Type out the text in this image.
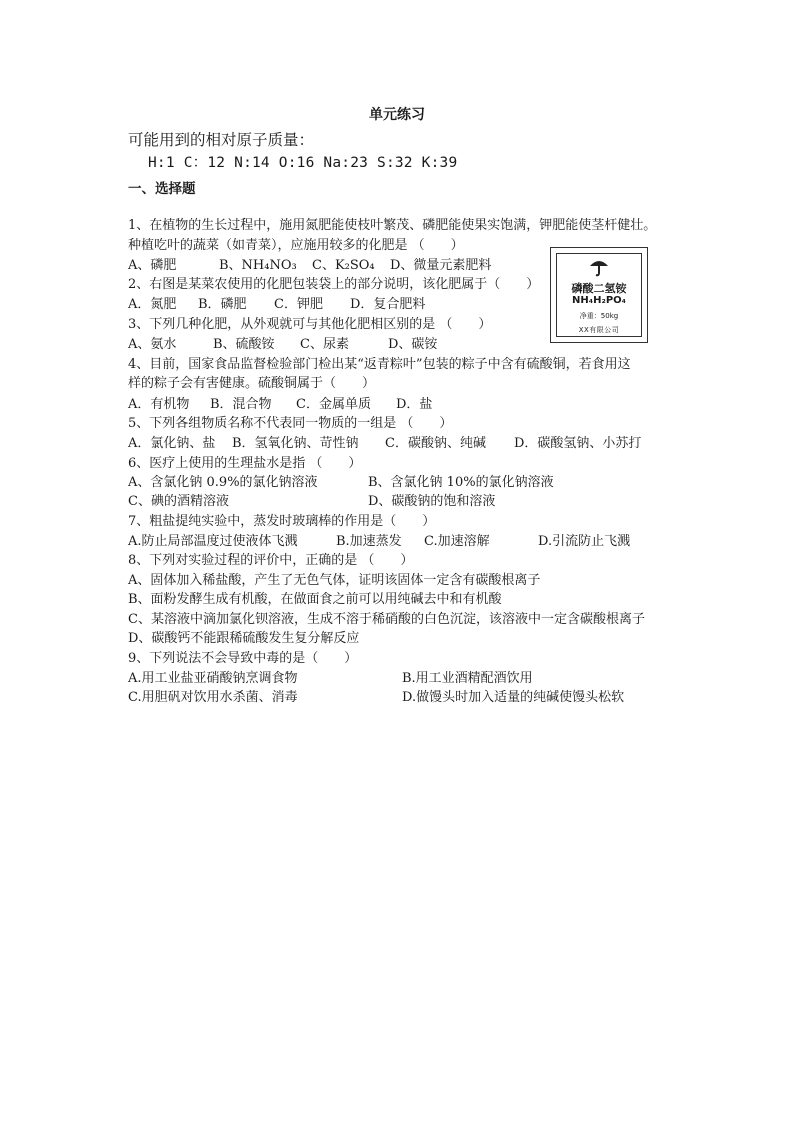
单元练习
可能用到的相对原子质量：
H:1 C：12 N:14 O:16 Na:23 S:32 K:39
一、选择题
1、在植物的生长过程中，施用氮肥能使枝叶繁茂、磷肥能使果实饱满，钾肥能使茎杆健壮。
种植吃叶的蔬菜（如青菜），应施用较多的化肥是 （　　）
A、磷肥	B、NH₄NO₃ C、K₂SO₄ D、微量元素肥料
2、右图是某菜农使用的化肥包装袋上的部分说明，该化肥属于（　　）
A．氮肥 B．磷肥 C．钾肥 D．复合肥料
磷酸二氢铵
NH₄H₂PO₄
净重：50kg
XX有限公司
3、下列几种化肥，从外观就可与其他化肥相区别的是 （　　）
A、氨水	B、硫酸铵 C、尿素	D、碳铵
4、目前，国家食品监督检验部门检出某“返青粽叶”包装的粽子中含有硫酸铜，若食用这
样的粽子会有害健康。硫酸铜属于（　　）
A．有机物 B．混合物 C．金属单质 D．盐
5、下列各组物质名称不代表同一物质的一组是 （　　）
A．氯化钠、盐 B．氢氧化钠、苛性钠 C．碳酸钠、纯碱 D．碳酸氢钠、小苏打
6、医疗上使用的生理盐水是指 （　　）
A、含氯化钠 0.9%的氯化钠溶液	B、含氯化钠 10%的氯化钠溶液
C、碘的酒精溶液	D、碳酸钠的饱和溶液
7、粗盐提纯实验中，蒸发时玻璃棒的作用是（　　）
A.防止局部温度过使液体飞溅	B.加速蒸发 C.加速溶解	D.引流防止飞溅
8、下列对实验过程的评价中，正确的是 （　　）
A、固体加入稀盐酸，产生了无色气体，证明该固体一定含有碳酸根离子
B、面粉发酵生成有机酸，在做面食之前可以用纯碱去中和有机酸
C、某溶液中滴加氯化钡溶液，生成不溶于稀硝酸的白色沉淀，该溶液中一定含碳酸根离子
D、碳酸钙不能跟稀硫酸发生复分解反应
9、下列说法不会导致中毒的是（　　）
A.用工业盐亚硝酸钠烹调食物	B.用工业酒精配酒饮用
C.用胆矾对饮用水杀菌、消毒	D.做馒头时加入适量的纯碱使馒头松软
